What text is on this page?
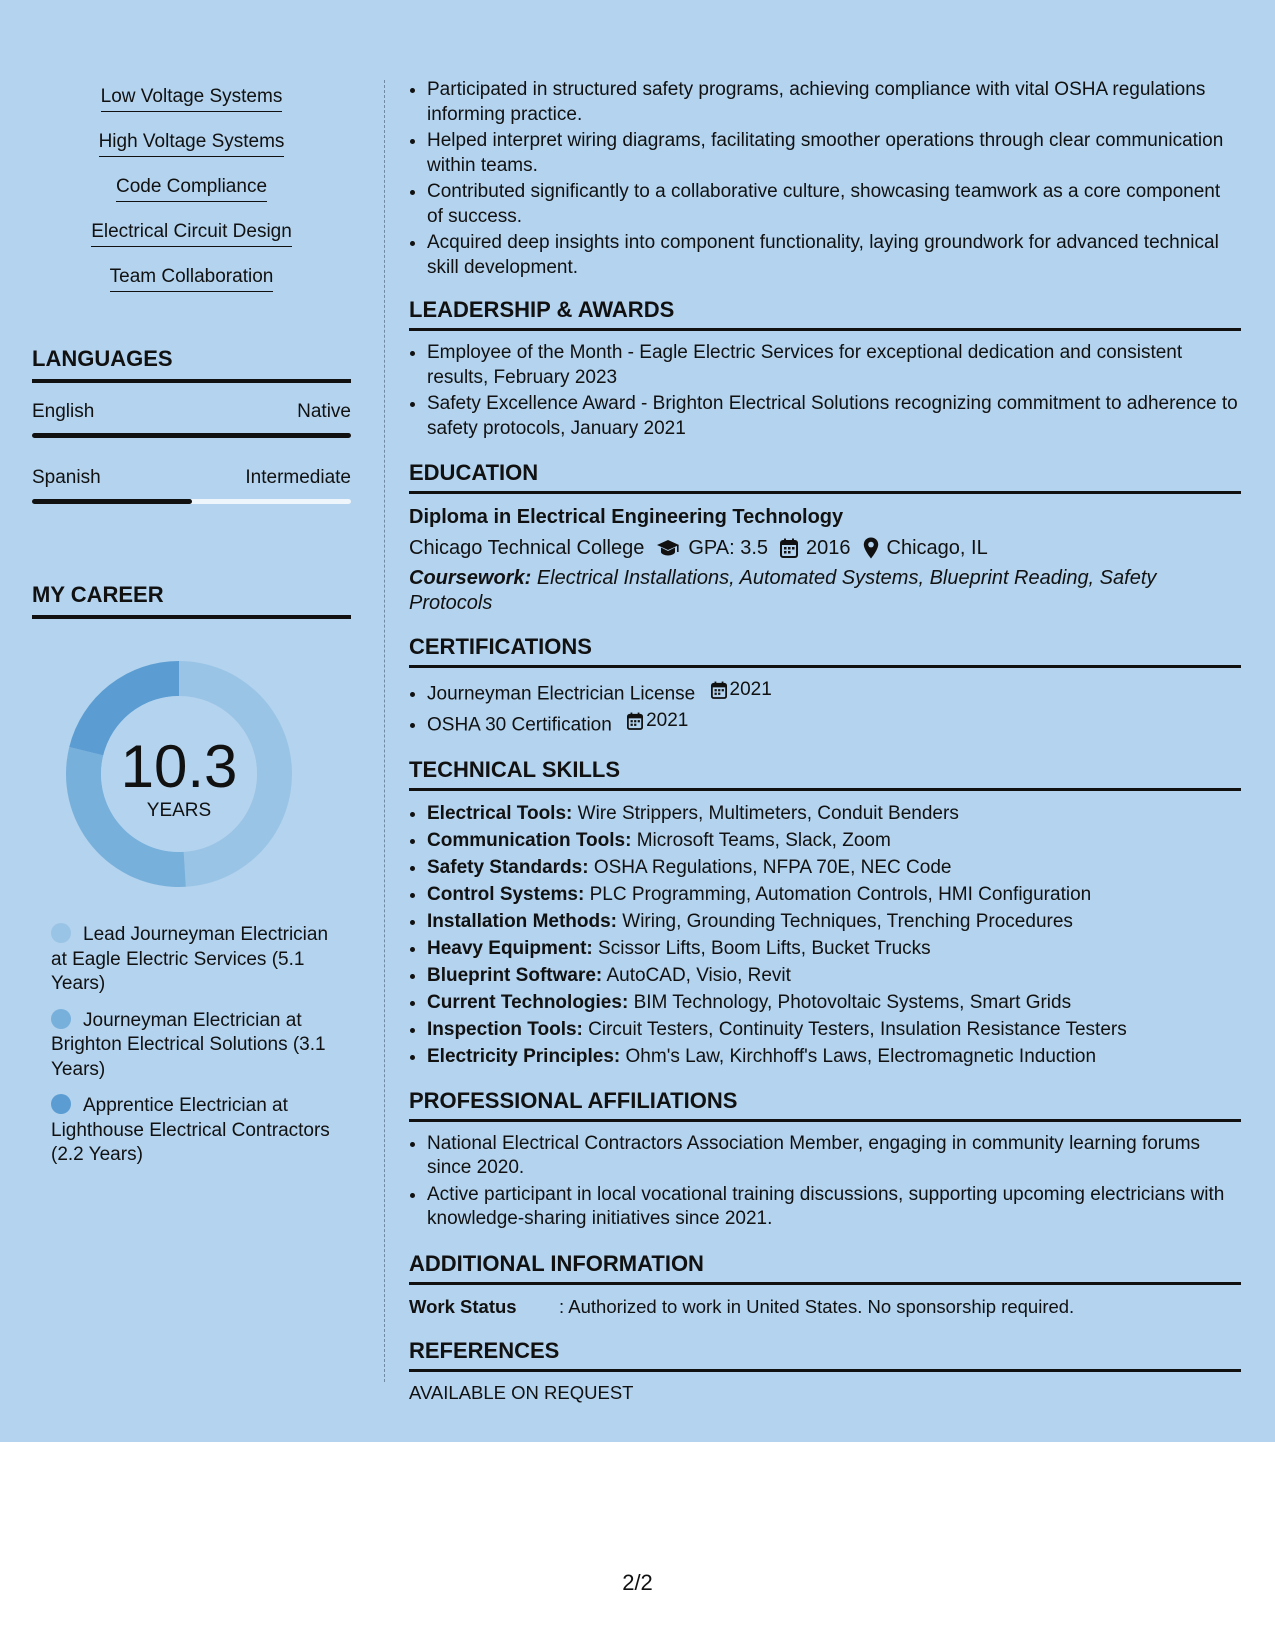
Low Voltage Systems
High Voltage Systems
Code Compliance
Electrical Circuit Design
Team Collaboration
LANGUAGES
English	Native
Spanish	Intermediate
MY CAREER
10.3
YEARS
Lead Journeyman Electrician at Eagle Electric Services (5.1 Years)
Journeyman Electrician at Brighton Electrical Solutions (3.1 Years)
Apprentice Electrician at Lighthouse Electrical Contractors (2.2 Years)
• Participated in structured safety programs, achieving compliance with vital OSHA regulations informing practice.
• Helped interpret wiring diagrams, facilitating smoother operations through clear communication within teams.
• Contributed significantly to a collaborative culture, showcasing teamwork as a core component of success.
• Acquired deep insights into component functionality, laying groundwork for advanced technical skill development.
LEADERSHIP & AWARDS
• Employee of the Month - Eagle Electric Services for exceptional dedication and consistent results, February 2023
• Safety Excellence Award - Brighton Electrical Solutions recognizing commitment to adherence to safety protocols, January 2021
EDUCATION
Diploma in Electrical Engineering Technology
Chicago Technical College GPA: 3.5 2016 Chicago, IL
Coursework: Electrical Installations, Automated Systems, Blueprint Reading, Safety Protocols
CERTIFICATIONS
• Journeyman Electrician License 2021
• OSHA 30 Certification 2021
TECHNICAL SKILLS
• Electrical Tools: Wire Strippers, Multimeters, Conduit Benders
• Communication Tools: Microsoft Teams, Slack, Zoom
• Safety Standards: OSHA Regulations, NFPA 70E, NEC Code
• Control Systems: PLC Programming, Automation Controls, HMI Configuration
• Installation Methods: Wiring, Grounding Techniques, Trenching Procedures
• Heavy Equipment: Scissor Lifts, Boom Lifts, Bucket Trucks
• Blueprint Software: AutoCAD, Visio, Revit
• Current Technologies: BIM Technology, Photovoltaic Systems, Smart Grids
• Inspection Tools: Circuit Testers, Continuity Testers, Insulation Resistance Testers
• Electricity Principles: Ohm's Law, Kirchhoff's Laws, Electromagnetic Induction
PROFESSIONAL AFFILIATIONS
• National Electrical Contractors Association Member, engaging in community learning forums since 2020.
• Active participant in local vocational training discussions, supporting upcoming electricians with knowledge-sharing initiatives since 2021.
ADDITIONAL INFORMATION
Work Status	: Authorized to work in United States. No sponsorship required.
REFERENCES
AVAILABLE ON REQUEST
2/2
